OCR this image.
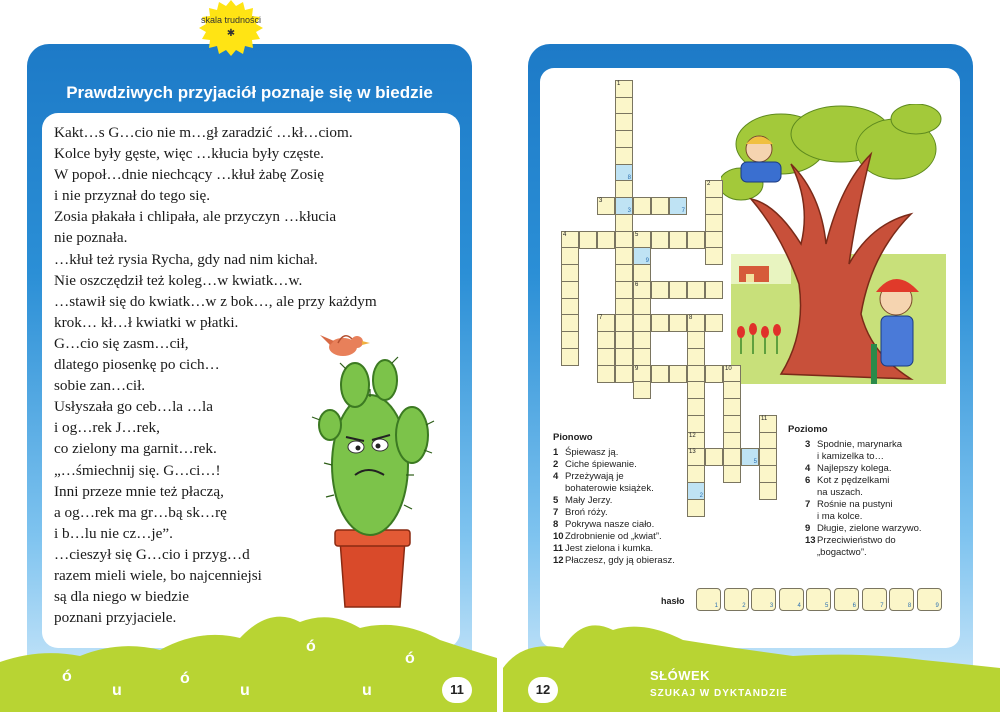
skala trudności
✱
Prawdziwych przyjaciół poznaje się w biedzie
Kakt…s G…cio nie m…gł zaradzić …kł…ciom.
Kolce były gęste, więc …kłucia były częste.
W popoł…dnie niechcący …kłuł żabę Zosię
i nie przyznał do tego się.
Zosia płakała i chlipała, ale przyczyn …kłucia
nie poznała.
…kłuł też rysia Rycha, gdy nad nim kichał.
Nie oszczędził też koleg…w kwiatk…w.
…stawił się do kwiatk…w z bok…, ale przy każdym
krok… kł…ł kwiatki w płatki.
G…cio się zasm…cił,
dlatego piosenkę po cich…
sobie zan…cił.
Usłyszała go ceb…la …la
i og…rek J…rek,
co zielony ma garnit…rek.
„…śmiechnij się. G…ci…!
Inni przeze mnie też płaczą,
a og…rek ma gr…bą sk…rę
i b…lu nie cz…je”.
…cieszył się G…cio i przyg…d
razem mieli wiele, bo najcenniejsi
są dla niego w biedzie
poznani przyjaciele.
ó
u
ó
u
ó
u
ó
11
1
8
3
3
7
2
4	5
9
6
9
7	8
12
13
10
11
2
5
Pionowo
1 Śpiewasz ją.
2 Ciche śpiewanie.
4 Przeżywają je
bohaterowie książek.
5 Mały Jerzy.
7 Broń róży.
8 Pokrywa nasze ciało.
10Zdrobnienie od „kwiat”.
11 Jest zielona i kumka.
12Płaczesz, gdy ją obierasz.
Poziomo
3 Spodnie, marynarka
i kamizelka to…
4 Najlepszy kolega.
6 Kot z pędzelkami
na uszach.
7 Rośnie na pustyni
i ma kolce.
9 Długie, zielone warzywo.
13Przeciwieństwo do
„bogactwo”.
hasło	1	2	3	4	5	6	7	8	9
12
SŁÓWEK
SZUKAJ W DYKTANDZIE
